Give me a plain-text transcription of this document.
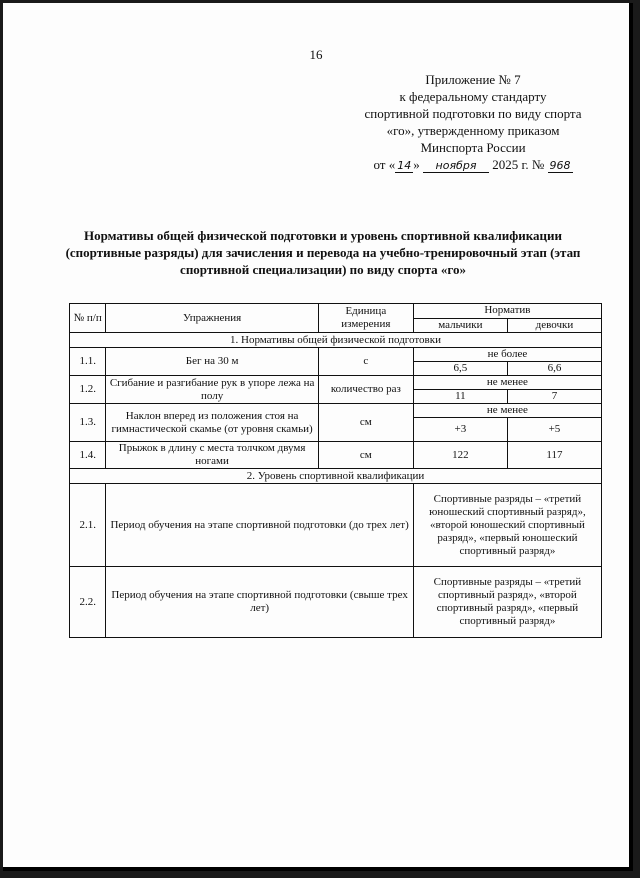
16
Приложение № 7
к федеральному стандарту
спортивной подготовки по виду спорта
«го», утвержденному приказом
Минспорта России
от « 14 » ноября 2025 г. № 968
Нормативы общей физической подготовки и уровень спортивной квалификации (спортивные разряды) для зачисления и перевода на учебно-тренировочный этап (этап спортивной специализации) по виду спорта «го»
№ п/п	Упражнения	Единица измерения	Норматив	
			мальчики	девочки
1. Нормативы общей физической подготовки				
1.1.	Бег на 30 м	с	не более	
			6,5	6,6
1.2.	Сгибание и разгибание рук в упоре лежа на полу	количество раз	не менее	
			11	7
1.3.	Наклон вперед из положения стоя на гимнастической скамье (от уровня скамьи)	см	не менее	
			+3	+5
1.4.	Прыжок в длину с места толчком двумя ногами	см	122	117
2. Уровень спортивной квалификации				
2.1.	Период обучения на этапе спортивной подготовки (до трех лет)		Спортивные разряды – «третий юношеский спортивный разряд», «второй юношеский спортивный разряд», «первый юношеский спортивный разряд»	
2.2.	Период обучения на этапе спортивной подготовки (свыше трех лет)		Спортивные разряды – «третий спортивный разряд», «второй спортивный разряд», «первый спортивный разряд»	
